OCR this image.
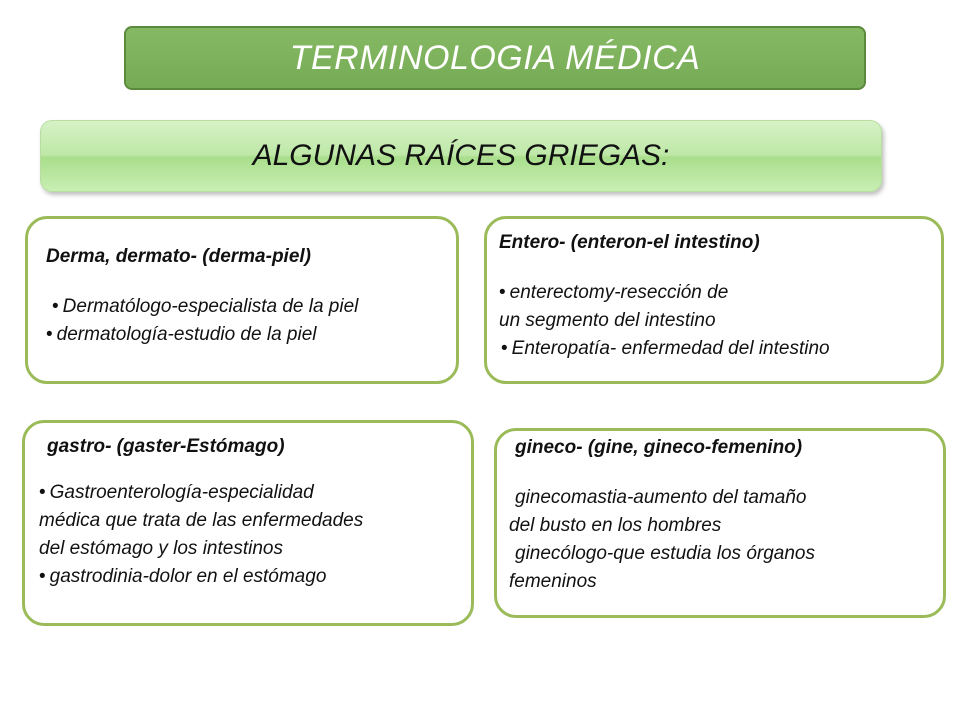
TERMINOLOGIA MÉDICA
ALGUNAS RAÍCES GRIEGAS:

Derma, dermato- (derma-piel)

• Dermatólogo-especialista de la piel

• dermatología-estudio de la piel

Entero- (enteron-el intestino)

• enterectomy-resección de

un segmento del intestino

• Enteropatía- enfermedad del intestino

gastro- (gaster-Estómago)

• Gastroenterología-especialidad

médica que trata de las enfermedades

del estómago y los intestinos

• gastrodinia-dolor en el estómago

gineco- (gine, gineco-femenino)

ginecomastia-aumento del tamaño

del busto en los hombres

ginecólogo-que estudia los órganos

femeninos
